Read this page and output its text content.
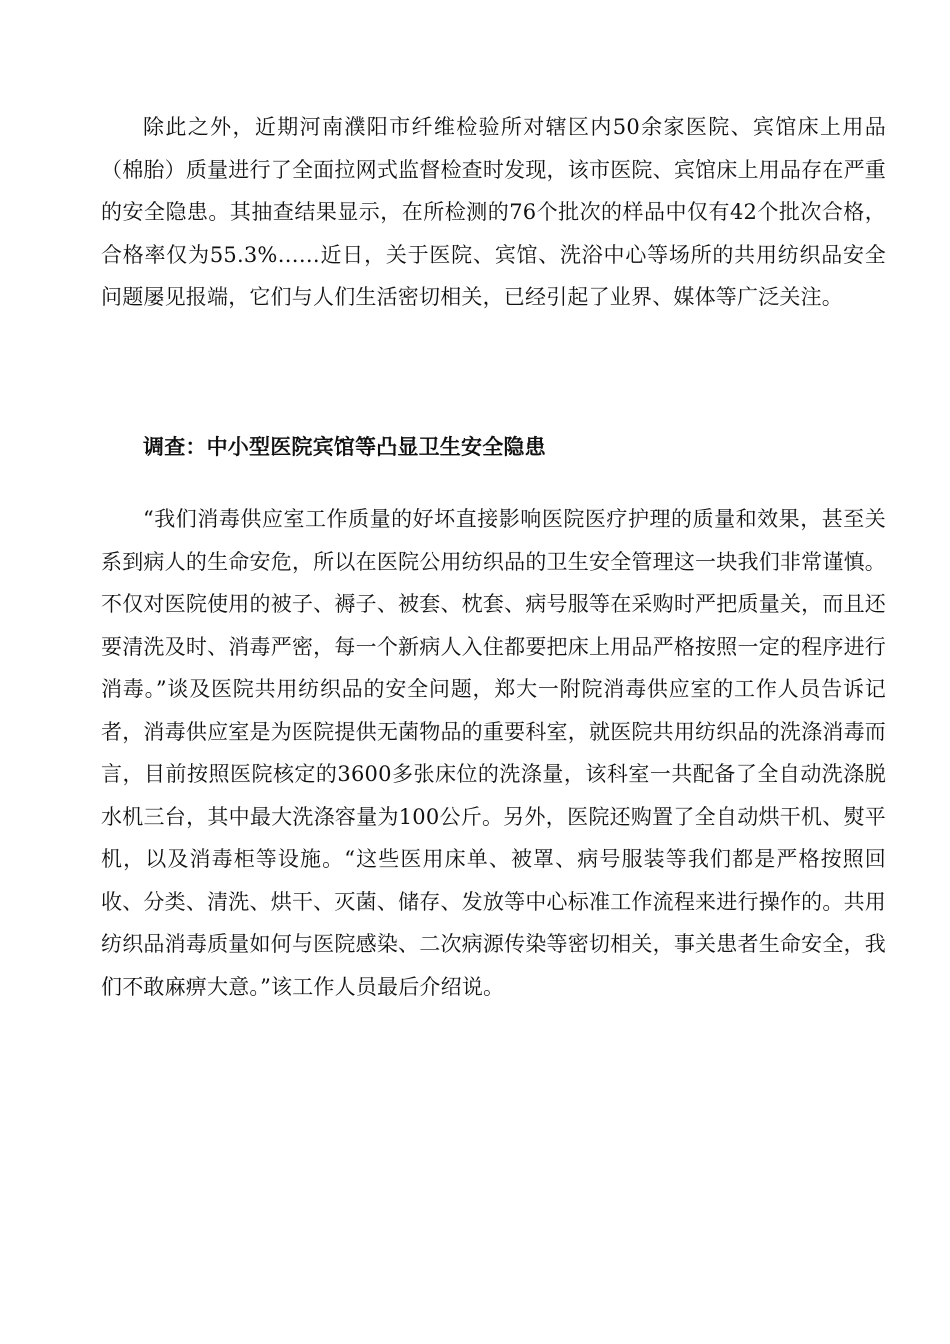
除此之外，近期河南濮阳市纤维检验所对辖区内50余家医院、宾馆床上用品（棉胎）质量进行了全面拉网式监督检查时发现，该市医院、宾馆床上用品存在严重的安全隐患。其抽查结果显示，在所检测的76个批次的样品中仅有42个批次合格，合格率仅为55.3%……近日，关于医院、宾馆、洗浴中心等场所的共用纺织品安全问题屡见报端，它们与人们生活密切相关，已经引起了业界、媒体等广泛关注。

调查：中小型医院宾馆等凸显卫生安全隐患

“我们消毒供应室工作质量的好坏直接影响医院医疗护理的质量和效果，甚至关系到病人的生命安危，所以在医院公用纺织品的卫生安全管理这一块我们非常谨慎。不仅对医院使用的被子、褥子、被套、枕套、病号服等在采购时严把质量关，而且还要清洗及时、消毒严密，每一个新病人入住都要把床上用品严格按照一定的程序进行消毒。”谈及医院共用纺织品的安全问题，郑大一附院消毒供应室的工作人员告诉记者，消毒供应室是为医院提供无菌物品的重要科室，就医院共用纺织品的洗涤消毒而言，目前按照医院核定的3600多张床位的洗涤量，该科室一共配备了全自动洗涤脱水机三台，其中最大洗涤容量为100公斤。另外，医院还购置了全自动烘干机、熨平机，以及消毒柜等设施。“这些医用床单、被罩、病号服装等我们都是严格按照回收、分类、清洗、烘干、灭菌、储存、发放等中心标准工作流程来进行操作的。共用纺织品消毒质量如何与医院感染、二次病源传染等密切相关，事关患者生命安全，我们不敢麻痹大意。”该工作人员最后介绍说。
